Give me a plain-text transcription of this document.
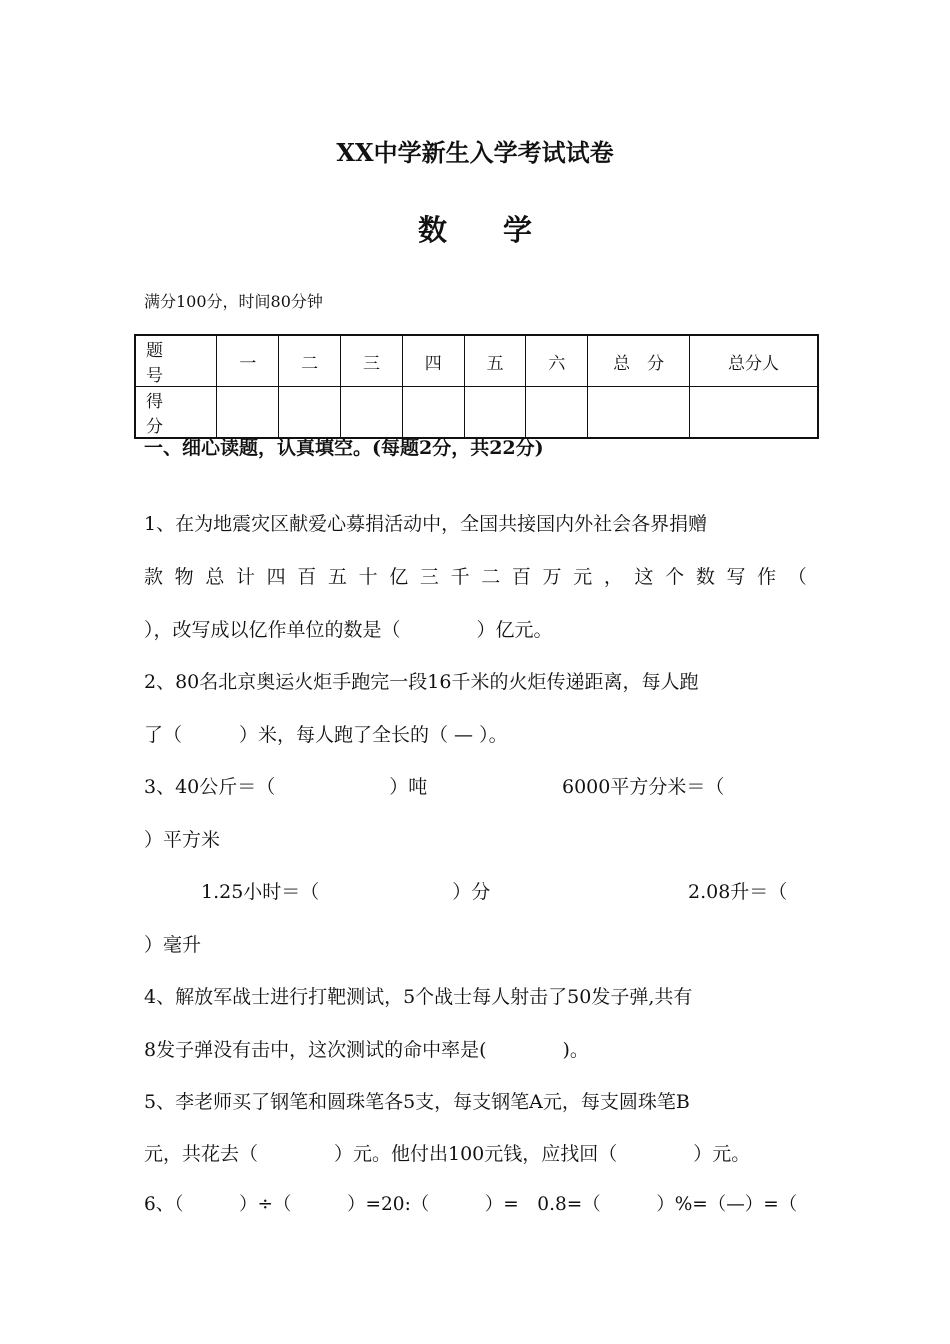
XX中学新生入学考试试卷
数学
满分100分，时间80分钟
题　号	一	二	三	四	五	六	总　分	总分人
得　分								
一、细心读题，认真填空。(每题2分，共22分)
1、在为地震灾区献爱心募捐活动中，全国共接国内外社会各界捐赠
款 物 总 计 四 百 五 十 亿 三 千 二 百 万 元 ， 这 个 数 写 作 （
），改写成以亿作单位的数是（　　　　）亿元。
2、80名北京奥运火炬手跑完一段16千米的火炬传递距离，每人跑
了（　　　）米，每人跑了全长的（ — ）。
3、40公斤＝（　　　　　　）吨	6000平方分米＝（
）平方米
1.25小时＝（　　　　　　　）分	2.08升＝（
）毫升
4、解放军战士进行打靶测试，5个战士每人射击了50发子弹,共有
8发子弹没有击中，这次测试的命中率是(　　　　)。
5、李老师买了钢笔和圆珠笔各5支，每支钢笔A元，每支圆珠笔B
元，共花去（　　　　）元。他付出100元钱，应找回（　　　　）元。
6、（　　　）÷（　　　）=20:（　　　）=　0.8=（　　　）%=（—）=（
